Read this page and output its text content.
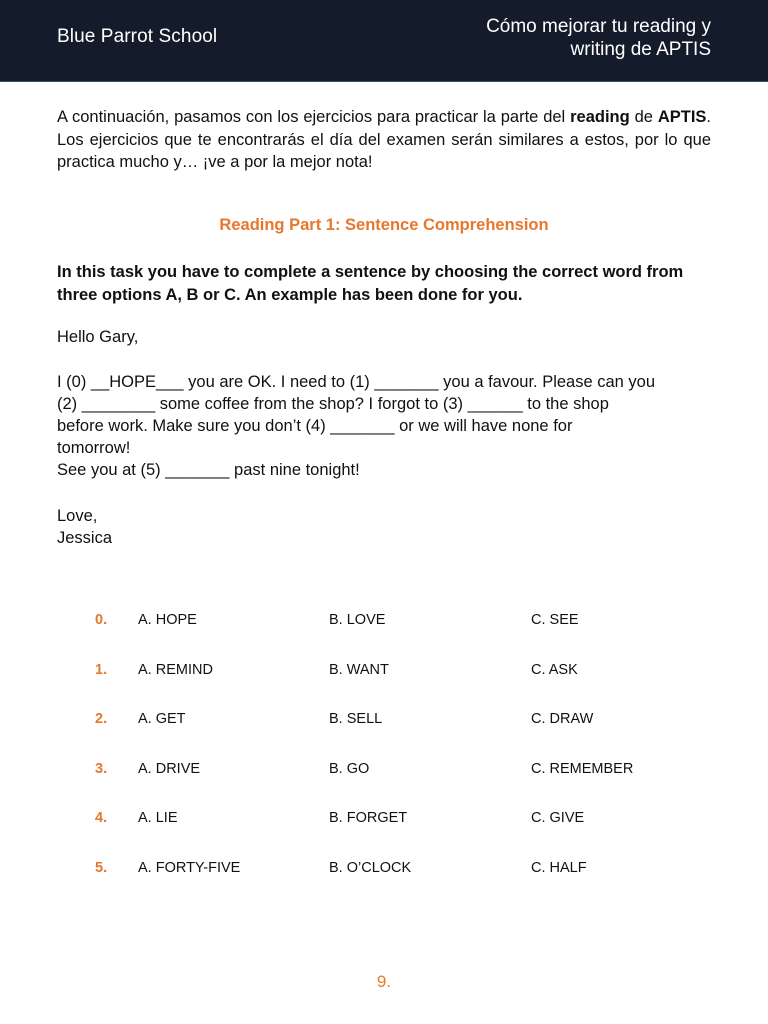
Blue Parrot School	Cómo mejorar tu reading y
writing de APTIS
A continuación, pasamos con los ejercicios para practicar la parte del reading de APTIS. Los ejercicios que te encontrarás el día del examen serán similares a estos, por lo que practica mucho y… ¡ve a por la mejor nota!
Reading Part 1: Sentence Comprehension
In this task you have to complete a sentence by choosing the correct word from three options A, B or C. An example has been done for you.
Hello Gary,
I (0) __HOPE___ you are OK. I need to (1) _______ you a favour. Please can you
(2) ________ some coffee from the shop? I forgot to (3) ______ to the shop
before work. Make sure you don’t (4) _______ or we will have none for
tomorrow!
See you at (5) _______ past nine tonight!
Love,
Jessica
0.	A. HOPE	B. LOVE	C. SEE
1.	A. REMIND	B. WANT	C. ASK
2.	A. GET	B. SELL	C. DRAW
3.	A. DRIVE	B. GO	C. REMEMBER
4.	A. LIE	B. FORGET	C. GIVE
5.	A. FORTY-FIVE	B. O’CLOCK	C. HALF
9.
